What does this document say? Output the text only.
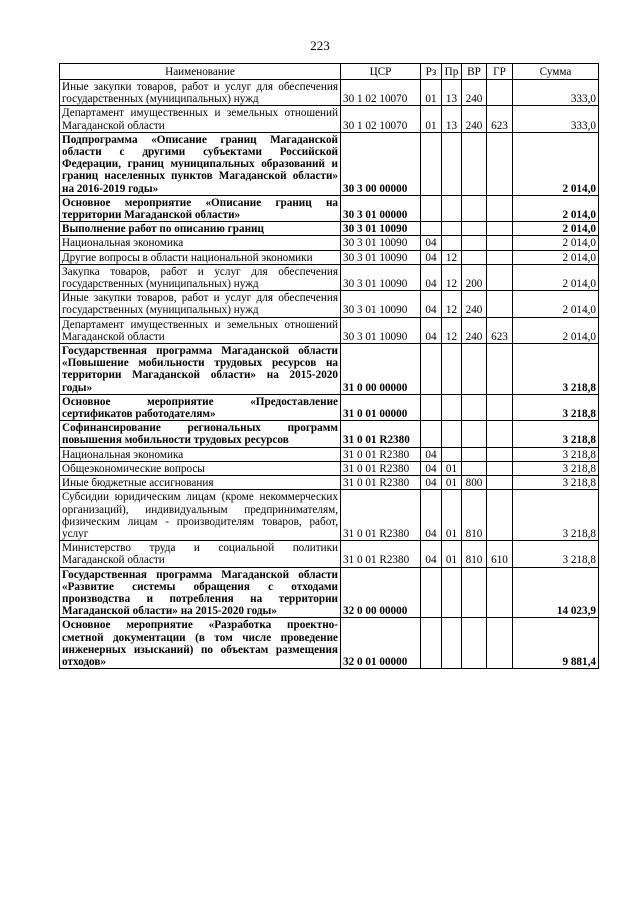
223
Наименование	ЦСР	Рз	Пр	ВР	ГР	Сумма
Иные закупки товаров, работ и услуг для обеспечения государственных (муниципальных) нужд	30 1 02 10070	01	13	240		333,0
Департамент имущественных и земельных отношений Магаданской области	30 1 02 10070	01	13	240	623	333,0
Подпрограмма «Описание границ Магаданской области с другими субъектами Российской Федерации, границ муниципальных образований и границ населенных пунктов Магаданской области» на 2016-2019 годы»	30 3 00 00000					2 014,0
Основное мероприятие «Описание границ на территории Магаданской области»	30 3 01 00000					2 014,0
Выполнение работ по описанию границ	30 3 01 10090					2 014,0
Национальная экономика	30 3 01 10090	04				2 014,0
Другие вопросы в области национальной экономики	30 3 01 10090	04	12			2 014,0
Закупка товаров, работ и услуг для обеспечения государственных (муниципальных) нужд	30 3 01 10090	04	12	200		2 014,0
Иные закупки товаров, работ и услуг для обеспечения государственных (муниципальных) нужд	30 3 01 10090	04	12	240		2 014,0
Департамент имущественных и земельных отношений Магаданской области	30 3 01 10090	04	12	240	623	2 014,0
Государственная программа Магаданской области «Повышение мобильности трудовых ресурсов на территории Магаданской области» на 2015-2020 годы»	31 0 00 00000					3 218,8
Основное мероприятие «Предоставление сертификатов работодателям»	31 0 01 00000					3 218,8
Софинансирование региональных программ повышения мобильности трудовых ресурсов	31 0 01 R2380					3 218,8
Национальная экономика	31 0 01 R2380	04				3 218,8
Общеэкономические вопросы	31 0 01 R2380	04	01			3 218,8
Иные бюджетные ассигнования	31 0 01 R2380	04	01	800		3 218,8
Субсидии юридическим лицам (кроме некоммерческих организаций), индивидуальным предпринимателям, физическим лицам - производителям товаров, работ, услуг	31 0 01 R2380	04	01	810		3 218,8
Министерство труда и социальной политики Магаданской области	31 0 01 R2380	04	01	810	610	3 218,8
Государственная программа Магаданской области «Развитие системы обращения с отходами производства и потребления на территории Магаданской области» на 2015-2020 годы»	32 0 00 00000					14 023,9
Основное мероприятие «Разработка проектно-сметной документации (в том числе проведение инженерных изысканий) по объектам размещения отходов»	32 0 01 00000					9 881,4
